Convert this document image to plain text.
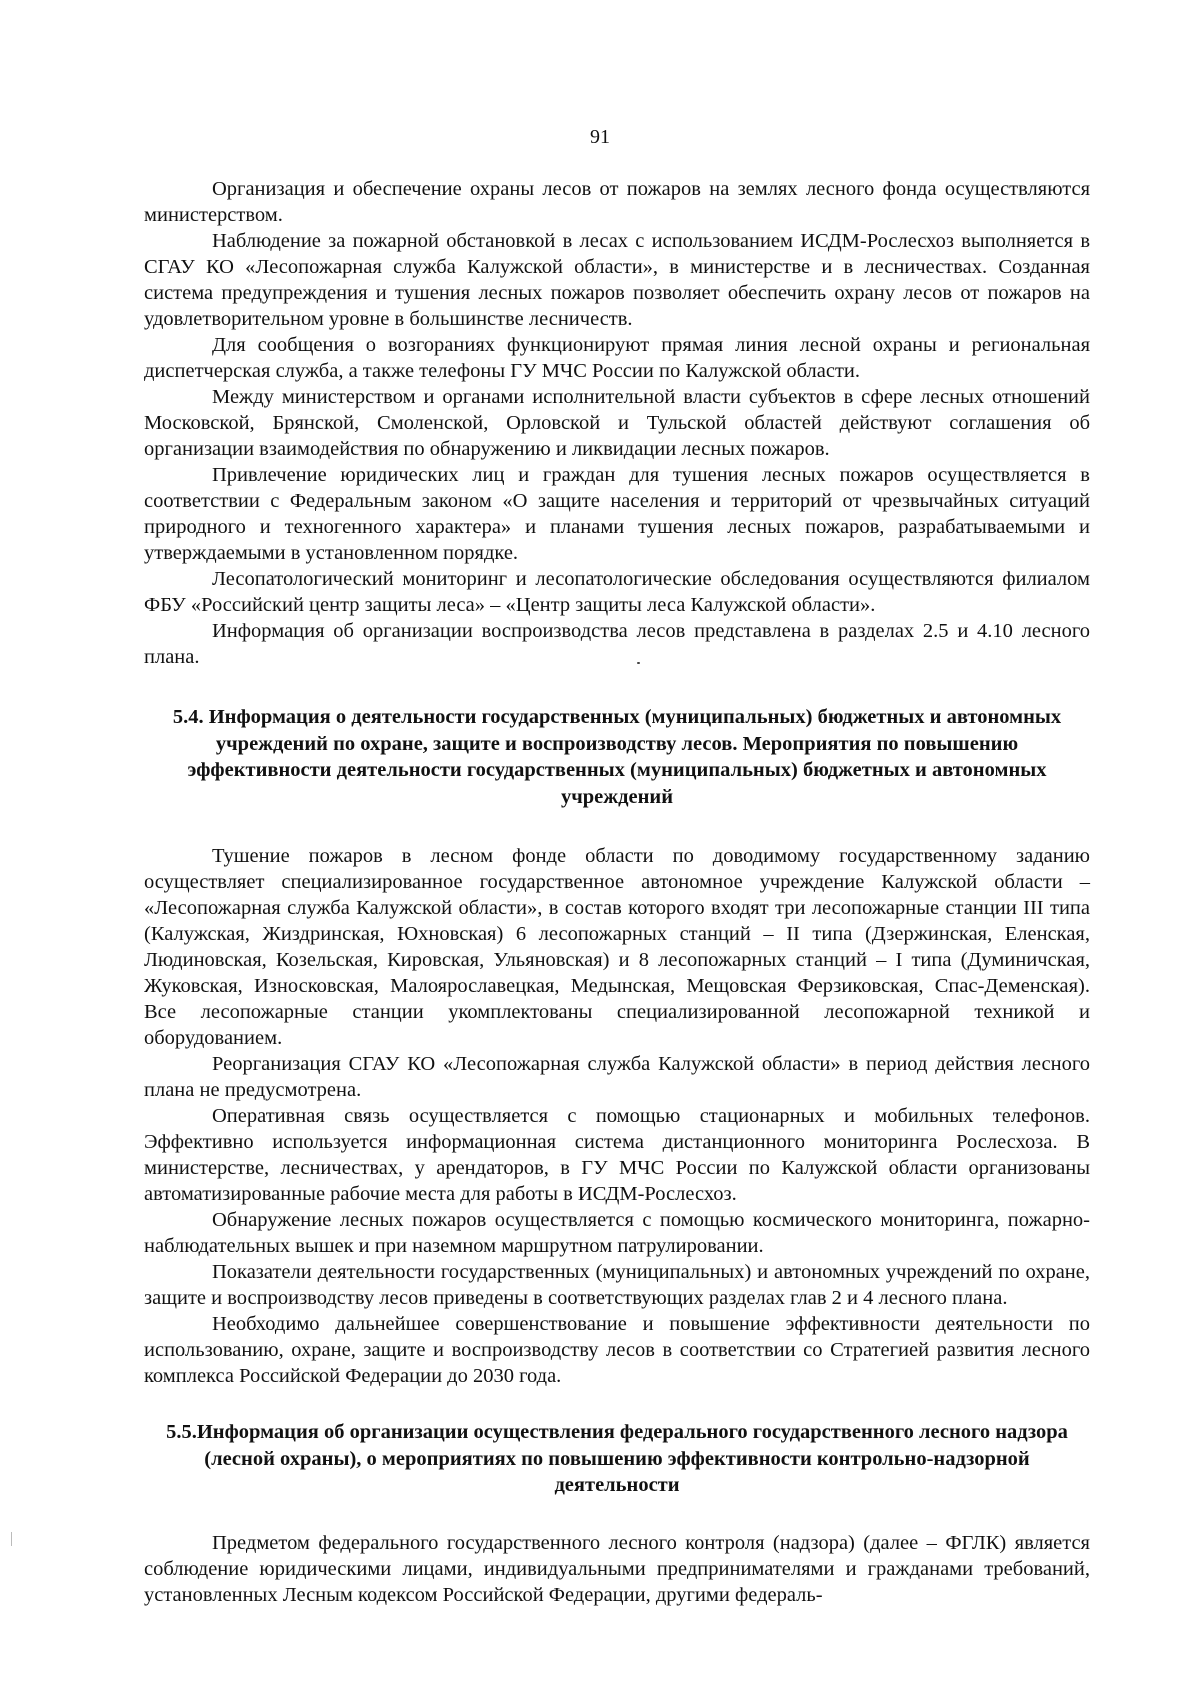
91

Организация и обеспечение охраны лесов от пожаров на землях лесного фонда осуществляются министерством.

Наблюдение за пожарной обстановкой в лесах с использованием ИСДМ-Рослесхоз выполняется в СГАУ КО «Лесопожарная служба Калужской области», в министерстве и в лесничествах. Созданная система предупреждения и тушения лесных пожаров позволяет обеспечить охрану лесов от пожаров на удовлетворительном уровне в большинстве лесничеств.

Для сообщения о возгораниях функционируют прямая линия лесной охраны и региональная диспетчерская служба, а также телефоны ГУ МЧС России по Калужской области.

Между министерством и органами исполнительной власти субъектов в сфере лесных отношений Московской, Брянской, Смоленской, Орловской и Тульской областей действуют соглашения об организации взаимодействия по обнаружению и ликвидации лесных пожаров.

Привлечение юридических лиц и граждан для тушения лесных пожаров осуществляется в соответствии с Федеральным законом «О защите населения и территорий от чрезвычайных ситуаций природного и техногенного характера» и планами тушения лесных пожаров, разрабатываемыми и утверждаемыми в установленном порядке.

Лесопатологический мониторинг и лесопатологические обследования осуществляются филиалом ФБУ «Российский центр защиты леса» – «Центр защиты леса Калужской области».

Информация об организации воспроизводства лесов представлена в разделах 2.5 и 4.10 лесного плана.

5.4. Информация о деятельности государственных (муниципальных) бюджетных и автономных учреждений по охране, защите и воспроизводству лесов. Мероприятия по повышению эффективности деятельности государственных (муниципальных) бюджетных и автономных учреждений

Тушение пожаров в лесном фонде области по доводимому государственному заданию осуществляет специализированное государственное автономное учреждение Калужской области – «Лесопожарная служба Калужской области», в состав которого входят три лесопожарные станции III типа (Калужская, Жиздринская, Юхновская) 6 лесопожарных станций – II типа (Дзержинская, Еленская, Людиновская, Козельская, Кировская, Ульяновская) и 8 лесопожарных станций – I типа (Думиничская, Жуковская, Износковская, Малоярославецкая, Медынская, Мещовская Ферзиковская, Спас-Деменская). Все лесопожарные станции укомплектованы специализированной лесопожарной техникой и оборудованием.

Реорганизация СГАУ КО «Лесопожарная служба Калужской области» в период действия лесного плана не предусмотрена.

Оперативная связь осуществляется с помощью стационарных и мобильных телефонов. Эффективно используется информационная система дистанционного мониторинга Рослесхоза. В министерстве, лесничествах, у арендаторов, в ГУ МЧС России по Калужской области организованы автоматизированные рабочие места для работы в ИСДМ-Рослесхоз.

Обнаружение лесных пожаров осуществляется с помощью космического мониторинга, пожарно-наблюдательных вышек и при наземном маршрутном патрулировании.

Показатели деятельности государственных (муниципальных) и автономных учреждений по охране, защите и воспроизводству лесов приведены в соответствующих разделах глав 2 и 4 лесного плана.

Необходимо дальнейшее совершенствование и повышение эффективности деятельности по использованию, охране, защите и воспроизводству лесов в соответствии со Стратегией развития лесного комплекса Российской Федерации до 2030 года.

5.5.Информация об организации осуществления федерального государственного лесного надзора (лесной охраны), о мероприятиях по повышению эффективности контрольно-надзорной деятельности

Предметом федерального государственного лесного контроля (надзора) (далее – ФГЛК) является соблюдение юридическими лицами, индивидуальными предпринимателями и гражданами требований, установленных Лесным кодексом Российской Федерации, другими федераль-
